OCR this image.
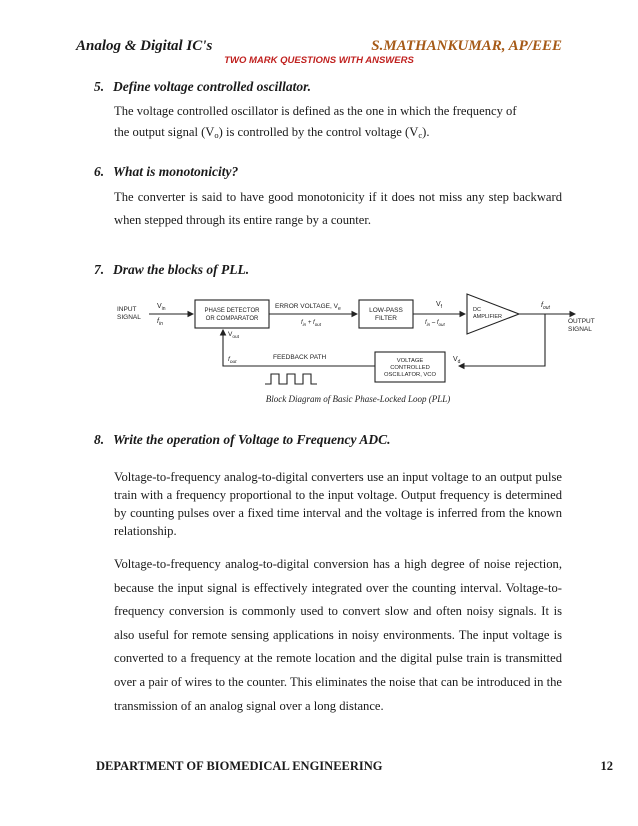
Analog & Digital IC's	S.MATHANKUMAR, AP/EEE
TWO MARK QUESTIONS WITH ANSWERS
5. Define voltage controlled oscillator.
The voltage controlled oscillator is defined as the one in which the frequency of
the output signal $(V_o)$ is controlled by the control voltage $(V_c)$.
6. What is monotonicity?
The converter is said to have good monotonicity if it does not miss any step backward when stepped through its entire range by a counter.
7. Draw the blocks of PLL.
INPUT
SIGNAL
$V_{in}$
$f_{in}$
PHASE DETECTOR
OR COMPARATOR
ERROR VOLTAGE, $V_e$
$f_{in} + f_{out}$
LOW-PASS
FILTER
$V_f$
$f_{in} - f_{out}$
DC
AMPLIFIER
$f_{out}$
OUTPUT
SIGNAL
$V_d$
VOLTAGE
CONTROLLED
OSCILLATOR, VCO
$V_{out}$
$f_{out}$
FEEDBACK PATH
Block Diagram of Basic Phase-Locked Loop (PLL)
8. Write the operation of Voltage to Frequency ADC.
Voltage-to-frequency analog-to-digital converters use an input voltage to an output pulse train with a frequency proportional to the input voltage. Output frequency is determined by counting pulses over a fixed time interval and the voltage is inferred from the known relationship.
Voltage-to-frequency analog-to-digital conversion has a high degree of noise rejection, because the input signal is effectively integrated over the counting interval. Voltage-to-frequency conversion is commonly used to convert slow and often noisy signals. It is also useful for remote sensing applications in noisy environments. The input voltage is converted to a frequency at the remote location and the digital pulse train is transmitted over a pair of wires to the counter. This eliminates the noise that can be introduced in the transmission of an analog signal over a long distance.
DEPARTMENT OF BIOMEDICAL ENGINEERING	12
